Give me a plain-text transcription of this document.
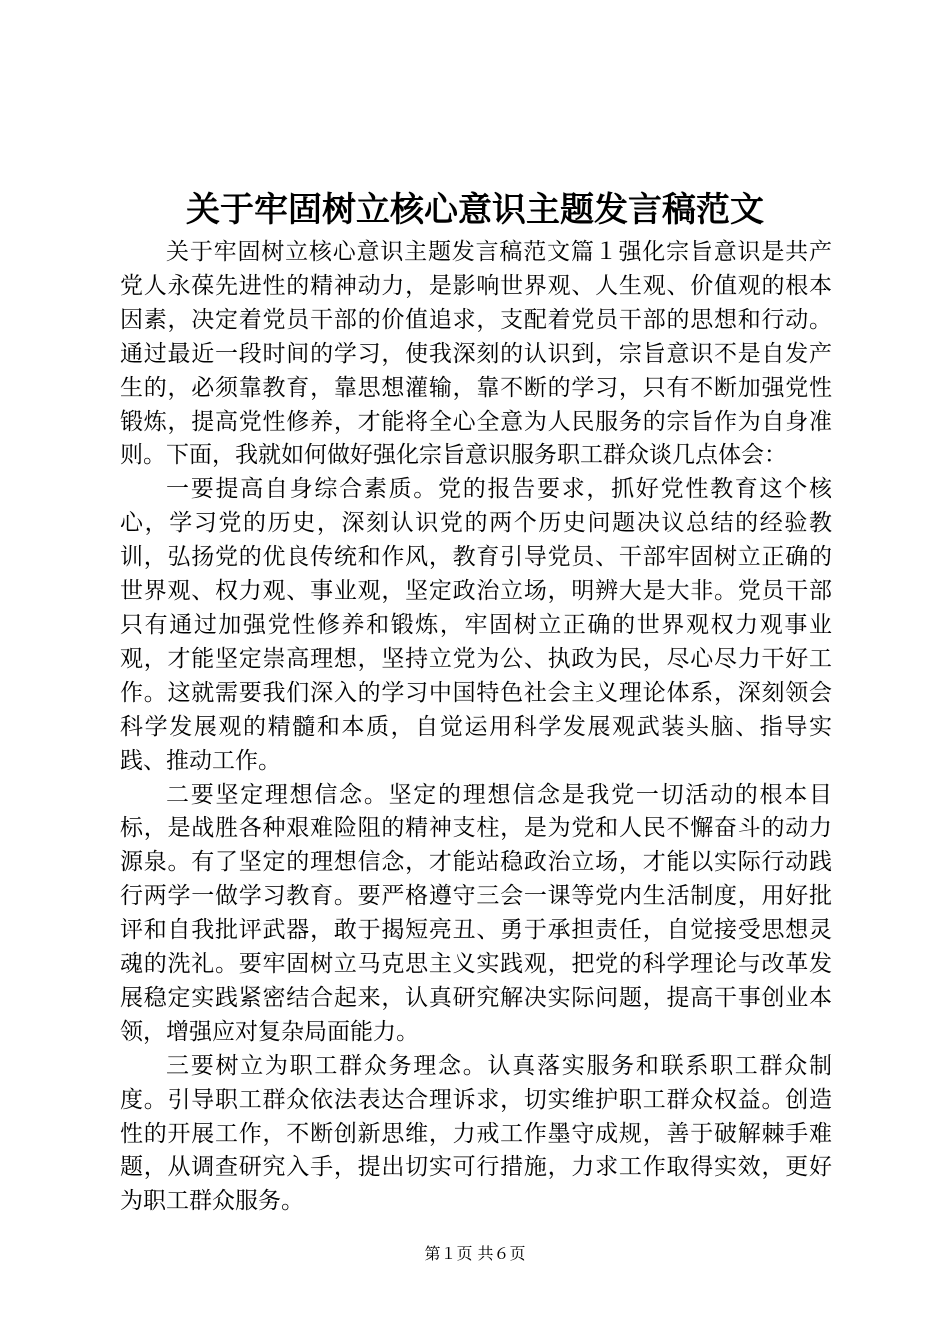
关于牢固树立核心意识主题发言稿范文

关于牢固树立核心意识主题发言稿范文篇１强化宗旨意识是共产党人永葆先进性的精神动力，是影响世界观、人生观、价值观的根本因素，决定着党员干部的价值追求，支配着党员干部的思想和行动。通过最近一段时间的学习，使我深刻的认识到，宗旨意识不是自发产生的，必须靠教育，靠思想灌输，靠不断的学习，只有不断加强党性锻炼，提高党性修养，才能将全心全意为人民服务的宗旨作为自身准则。下面，我就如何做好强化宗旨意识服务职工群众谈几点体会：

一要提高自身综合素质。党的报告要求，抓好党性教育这个核心，学习党的历史，深刻认识党的两个历史问题决议总结的经验教训，弘扬党的优良传统和作风，教育引导党员、干部牢固树立正确的世界观、权力观、事业观，坚定政治立场，明辨大是大非。党员干部只有通过加强党性修养和锻炼，牢固树立正确的世界观权力观事业观，才能坚定崇高理想，坚持立党为公、执政为民，尽心尽力干好工作。这就需要我们深入的学习中国特色社会主义理论体系，深刻领会科学发展观的精髓和本质，自觉运用科学发展观武装头脑、指导实践、推动工作。

二要坚定理想信念。坚定的理想信念是我党一切活动的根本目标，是战胜各种艰难险阻的精神支柱，是为党和人民不懈奋斗的动力源泉。有了坚定的理想信念，才能站稳政治立场，才能以实际行动践行两学一做学习教育。要严格遵守三会一课等党内生活制度，用好批评和自我批评武器，敢于揭短亮丑、勇于承担责任，自觉接受思想灵魂的洗礼。要牢固树立马克思主义实践观，把党的科学理论与改革发展稳定实践紧密结合起来，认真研究解决实际问题，提高干事创业本领，增强应对复杂局面能力。

三要树立为职工群众务理念。认真落实服务和联系职工群众制度。引导职工群众依法表达合理诉求，切实维护职工群众权益。创造性的开展工作，不断创新思维，力戒工作墨守成规，善于破解棘手难题，从调查研究入手，提出切实可行措施，力求工作取得实效，更好为职工群众服务。

第１页 共６页
